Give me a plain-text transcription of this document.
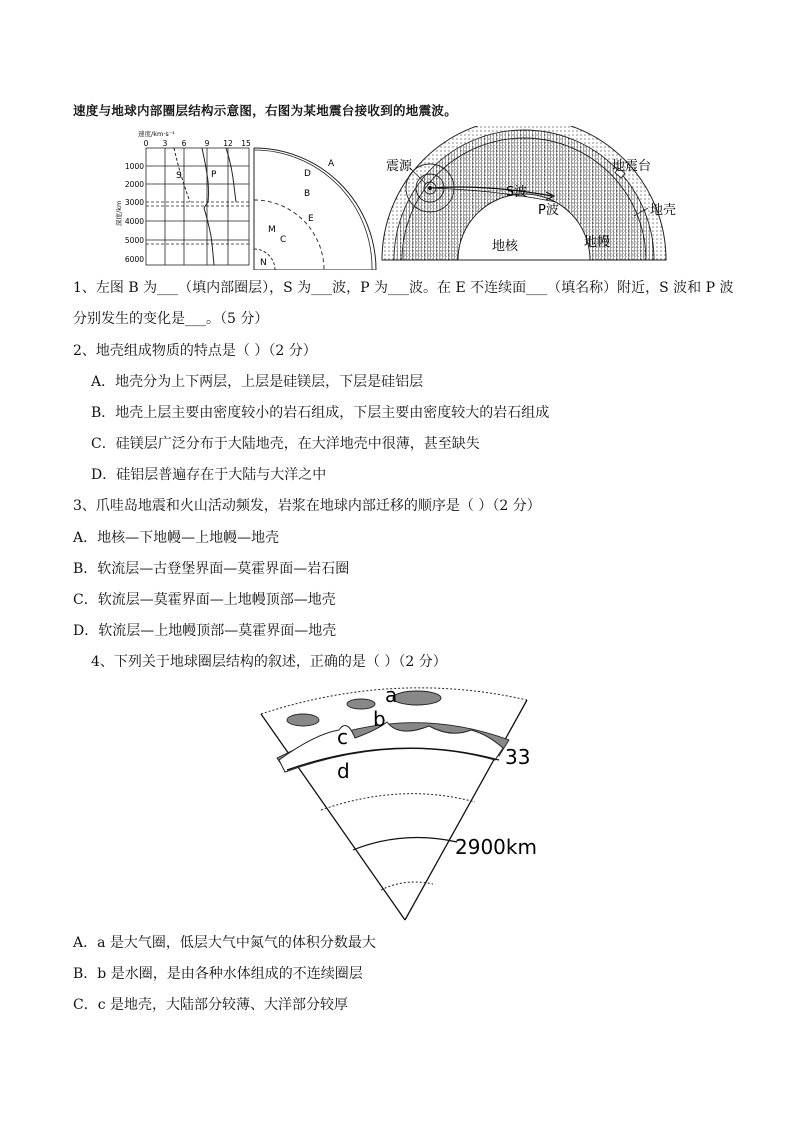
速度与地球内部圈层结构示意图，右图为某地震台接收到的地震波。
速度/km·s⁻¹
0 3 6 9 12 15
深度/km
1000
2000
3000
4000
5000
6000
S	P
A
D
B
E
M
C
N
震源	地震台
地壳
S波
P波
地核	地幔
1、左图 B 为___（填内部圈层），S 为___波，P 为___波。在 E 不连续面___（填名称）附近，S 波和 P 波
分别发生的变化是___。（5 分）
2、地壳组成物质的特点是（ ）（2 分）
A．地壳分为上下两层，上层是硅镁层，下层是硅铝层
B．地壳上层主要由密度较小的岩石组成，下层主要由密度较大的岩石组成
C．硅镁层广泛分布于大陆地壳，在大洋地壳中很薄，甚至缺失
D．硅铝层普遍存在于大陆与大洋之中
3、爪哇岛地震和火山活动频发，岩浆在地球内部迁移的顺序是（ ）（2 分）
A．地核—下地幔—上地幔—地壳
B．软流层—古登堡界面—莫霍界面—岩石圈
C．软流层—莫霍界面—上地幔顶部—地壳
D．软流层—上地幔顶部—莫霍界面—地壳
4、下列关于地球圈层结构的叙述，正确的是（ ）（2 分）
a
b
c
d
33
2900km
A．a 是大气圈，低层大气中氮气的体积分数最大
B．b 是水圈，是由各种水体组成的不连续圈层
C．c 是地壳，大陆部分较薄、大洋部分较厚
